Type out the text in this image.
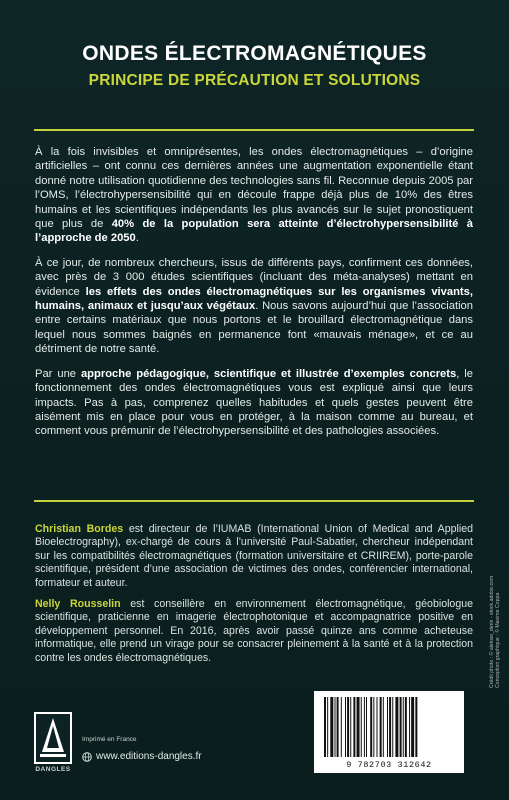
ONDES ÉLECTROMAGNÉTIQUES
PRINCIPE DE PRÉCAUTION ET SOLUTIONS

À la fois invisibles et omniprésentes, les ondes électromagnétiques – d’origine artificielles – ont connu ces dernières années une augmentation exponentielle étant donné notre utilisation quotidienne des technologies sans fil. Reconnue depuis 2005 par l’OMS, l’électrohypersensibilité qui en découle frappe déjà plus de 10% des êtres humains et les scientifiques indépendants les plus avancés sur le sujet pronostiquent que plus de 40% de la population sera atteinte d’électrohypersensibilité à l’approche de 2050.

À ce jour, de nombreux chercheurs, issus de différents pays, confirment ces données, avec près de 3 000 études scientifiques (incluant des méta-analyses) mettant en évidence les effets des ondes électromagnétiques sur les organismes vivants, humains, animaux et jusqu’aux végétaux. Nous savons aujourd’hui que l’association entre certains matériaux que nous portons et le brouillard électromagnétique dans lequel nous sommes baignés en permanence font «mauvais ménage», et ce au détriment de notre santé.

Par une approche pédagogique, scientifique et illustrée d’exemples concrets, le fonctionnement des ondes électromagnétiques vous est expliqué ainsi que leurs impacts. Pas à pas, comprenez quelles habitudes et quels gestes peuvent être aisément mis en place pour vous en protéger, à la maison comme au bureau, et comment vous prémunir de l’électrohypersensibilité et des pathologies associées.

Christian Bordes est directeur de l’IUMAB (International Union of Medical and Applied Bioelectrography), ex-chargé de cours à l’université Paul-Sabatier, chercheur indépendant sur les compatibilités électromagnétiques (formation universitaire et CRIIREM), porte-parole scientifique, président d’une association de victimes des ondes, conférencier international, formateur et auteur.

Nelly Rousselin est conseillère en environnement électromagnétique, géobiologue scientifique, praticienne en imagerie électrophotonique et accompagnatrice positive en développement personnel. En 2016, après avoir passé quinze ans comme acheteuse informatique, elle prend un virage pour se consacrer pleinement à la santé et à la protection contre les ondes électromagnétiques.

DANGLES
Imprimé en France
www.editions-dangles.fr
9 782703 312642
Crédit photo : © aleksei_derin - stock.adobe.com Conception graphique : © Maxime Coppa
